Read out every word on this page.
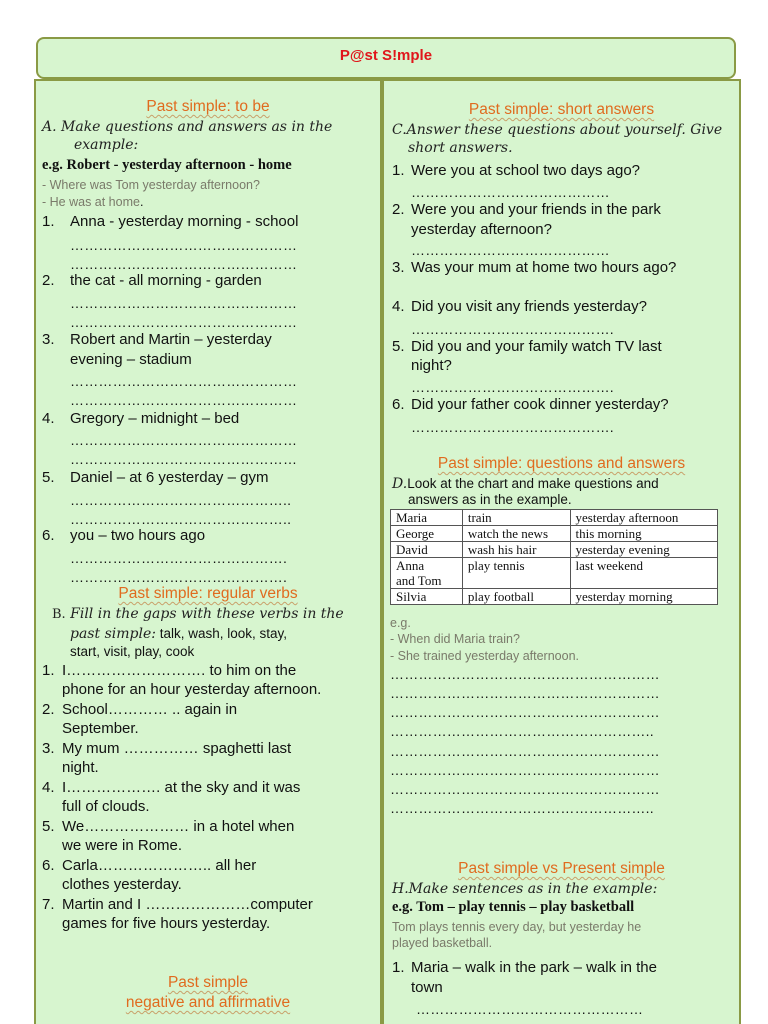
P@st S!mple
Past simple: to be
A. Make questions and answers as in the
example:
e.g. Robert - yesterday afternoon - home
- Where was Tom yesterday afternoon?
- He was at home.
1. Anna - yesterday morning - school
…………………………………………
…………………………………………
2. the cat - all morning - garden
…………………………………………
…………………………………………
3. Robert and Martin – yesterday
evening – stadium
…………………………………………
…………………………………………
4. Gregory – midnight – bed
…………………………………………
…………………………………………
5. Daniel – at 6 yesterday – gym
………………………………………..
………………………………………..
6. you – two hours ago
……………………………………….
……………………………………….
Past simple: regular verbs
B. Fill in the gaps with these verbs in the
past simple: talk, wash, look, stay,
start, visit, play, cook
1. I………………………. to him on the
phone for an hour yesterday afternoon.
2. School………… .. again in
September.
3. My mum …………… spaghetti last
night.
4. I………………. at the sky and it was
full of clouds.
5. We………………… in a hotel when
we were in Rome.
6. Carla………………….. all her
clothes yesterday.
7. Martin and I …………………computer
games for five hours yesterday.
Past simple
negative and affirmative
Past simple: short answers
C.Answer these questions about yourself. Give
short answers.
1. Were you at school two days ago?
……………………………………
2. Were you and your friends in the park
yesterday afternoon?
……………………………………
3. Was your mum at home two hours ago?
4. Did you visit any friends yesterday?
…………………………………….
5. Did you and your family watch TV last
night?
…………………………………….
6. Did your father cook dinner yesterday?
…………………………………….
Past simple: questions and answers
D.Look at the chart and make questions and
answers as in the example.
Maria	train	yesterday afternoon
George	watch the news	this morning
David	wash his hair	yesterday evening
Anna
and Tom	play tennis	last weekend
Silvia	play football	yesterday morning
e.g.
- When did Maria train?
- She trained yesterday afternoon.
…………………………………………………
…………………………………………………
…………………………………………………
………………………………………………..
…………………………………………………
…………………………………………………
…………………………………………………
………………………………………………..
Past simple vs Present simple
H.Make sentences as in the example:
e.g. Tom – play tennis – play basketball
Tom plays tennis every day, but yesterday he
played basketball.
1. Maria – walk in the park – walk in the
town
…………………………………………
